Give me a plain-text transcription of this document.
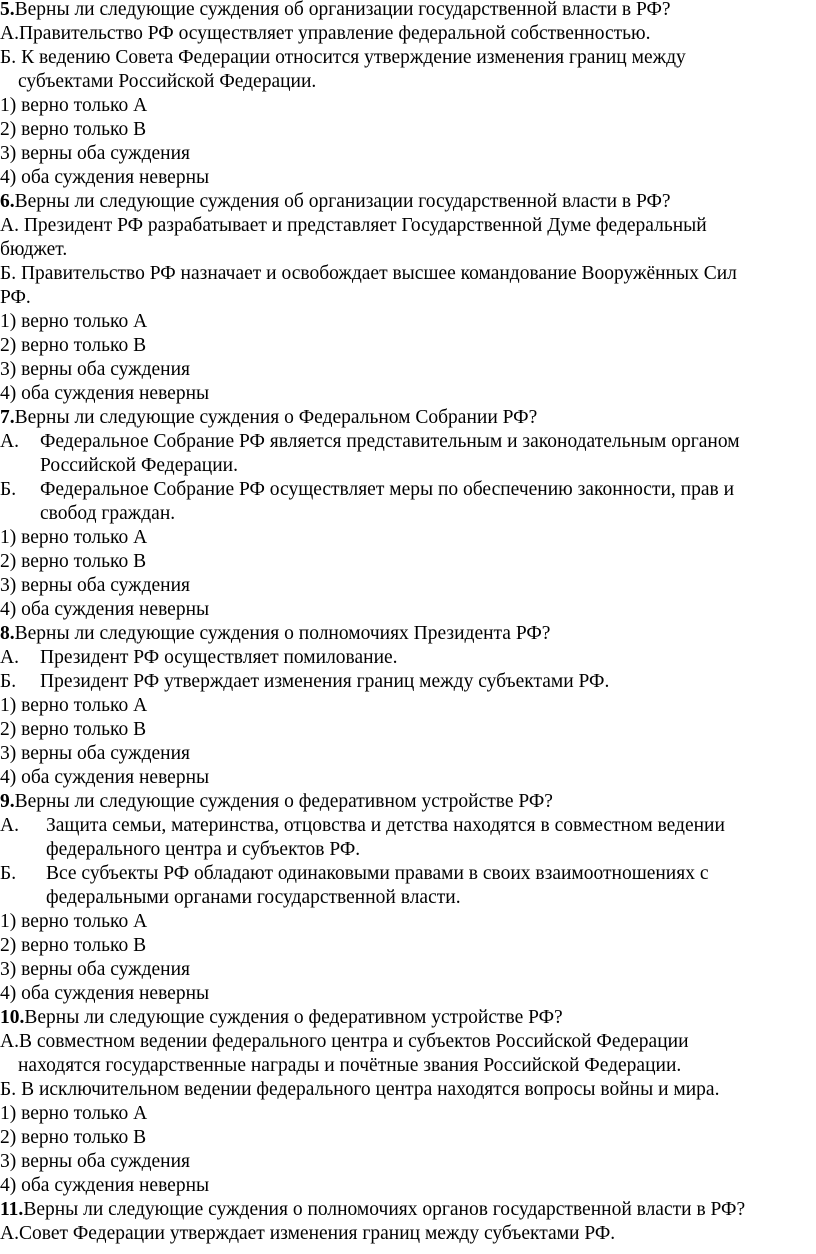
5.Верны ли следующие суждения об организации государственной власти в РФ?
А.Правительство РФ осуществляет управление федеральной собственностью.
Б. К ведению Совета Федерации относится утверждение изменения границ между
субъектами Российской Федерации.
1) верно только А
2) верно только В
3) верны оба суждения
4) оба суждения неверны
6.Верны ли следующие суждения об организации государственной власти в РФ?
А. Президент РФ разрабатывает и представляет Государственной Думе федеральный
бюджет.
Б. Правительство РФ назначает и освобождает высшее командование Вооружённых Сил
РФ.
1) верно только А
2) верно только В
3) верны оба суждения
4) оба суждения неверны
7.Верны ли следующие суждения о Федеральном Собрании РФ?
А. Федеральное Собрание РФ является представительным и законодательным органом
Российской Федерации.
Б. Федеральное Собрание РФ осуществляет меры по обеспечению законности, прав и
свобод граждан.
1) верно только А
2) верно только В
3) верны оба суждения
4) оба суждения неверны
8.Верны ли следующие суждения о полномочиях Президента РФ?
А. Президент РФ осуществляет помилование.
Б. Президент РФ утверждает изменения границ между субъектами РФ.
1) верно только А
2) верно только В
3) верны оба суждения
4) оба суждения неверны
9.Верны ли следующие суждения о федеративном устройстве РФ?
А. Защита семьи, материнства, отцовства и детства находятся в совместном ведении
федерального центра и субъектов РФ.
Б. Все субъекты РФ обладают одинаковыми правами в своих взаимоотношениях с
федеральными органами государственной власти.
1) верно только А
2) верно только В
3) верны оба суждения
4) оба суждения неверны
10.Верны ли следующие суждения о федеративном устройстве РФ?
А.В совместном ведении федерального центра и субъектов Российской Федерации
находятся государственные награды и почётные звания Российской Федерации.
Б. В исключительном ведении федерального центра находятся вопросы войны и мира.
1) верно только А
2) верно только В
3) верны оба суждения
4) оба суждения неверны
11.Верны ли следующие суждения о полномочиях органов государственной власти в РФ?
А.Совет Федерации утверждает изменения границ между субъектами РФ.
